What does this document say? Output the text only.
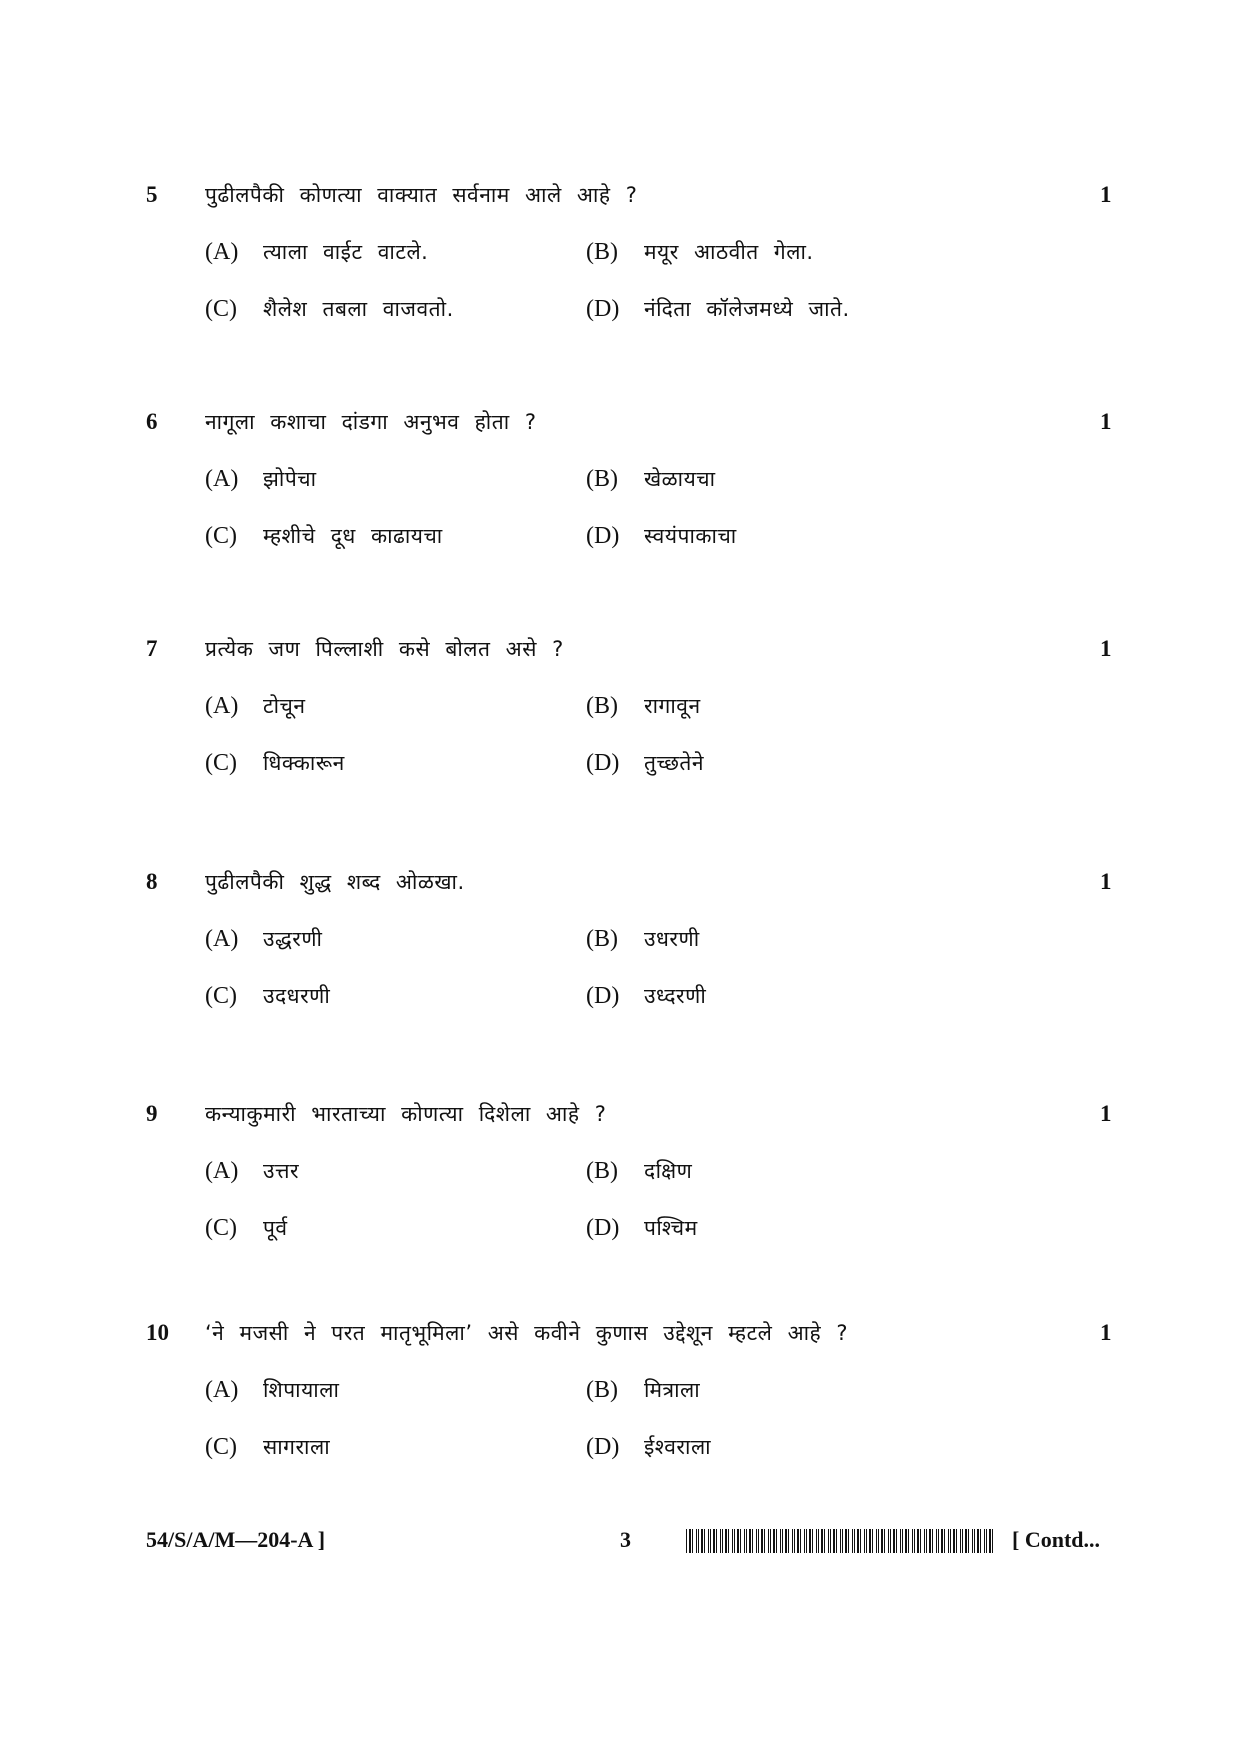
5 पुढीलपैकी कोणत्या वाक्यात सर्वनाम आले आहे ?	1
(A) त्याला वाईट वाटले.	(B) मयूर आठवीत गेला.
(C) शैलेश तबला वाजवतो.	(D) नंदिता कॉलेजमध्ये जाते.
6 नागूला कशाचा दांडगा अनुभव होता ?	1
(A) झोपेचा	(B) खेळायचा
(C) म्हशीचे दूध काढायचा	(D) स्वयंपाकाचा
7 प्रत्येक जण पिल्लाशी कसे बोलत असे ?	1
(A) टोचून	(B) रागावून
(C) धिक्कारून	(D) तुच्छतेने
8 पुढीलपैकी शुद्ध शब्द ओळखा.	1
(A) उद्धरणी	(B) उधरणी
(C) उदधरणी	(D) उध्दरणी
9 कन्याकुमारी भारताच्या कोणत्या दिशेला आहे ?	1
(A) उत्तर	(B) दक्षिण
(C) पूर्व	(D) पश्चिम
10 ‘ने मजसी ने परत मातृभूमिला’ असे कवीने कुणास उद्देशून म्हटले आहे ?	1
(A) शिपायाला	(B) मित्राला
(C) सागराला	(D) ईश्वराला
54/S/A/M—204-A ]	3	[ Contd...
